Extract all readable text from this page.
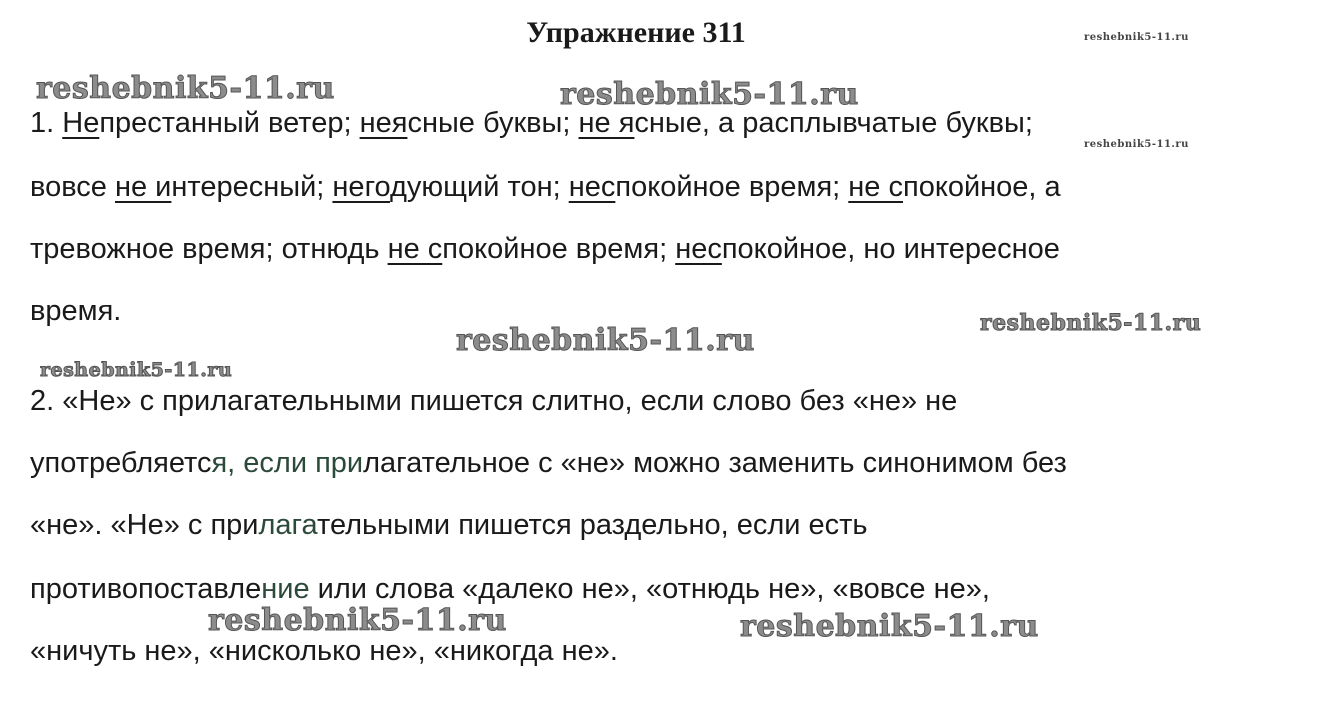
Упражнение 311
1. Непрестанный ветер; неясные буквы; не ясные, а расплывчатые буквы;
вовсе не интересный; негодующий тон; неспокойное время; не спокойное, а
тревожное время; отнюдь не спокойное время; неспокойное, но интересное
время.
2. «Не» с прилагательными пишется слитно, если слово без «не» не
употребляется, если прилагательное с «не» можно заменить синонимом без
«не». «Не» с прилагательными пишется раздельно, если есть
противопоставление или слова «далеко не», «отнюдь не», «вовсе не»,
«ничуть не», «нисколько не», «никогда не».
reshebnik5-11.ru
reshebnik5-11.ru
reshebnik5-11.ru	reshebnik5-11.ru
reshebnik5-11.ru
reshebnik5-11.ru
reshebnik5-11.ru
reshebnik5-11.ru	reshebnik5-11.ru
